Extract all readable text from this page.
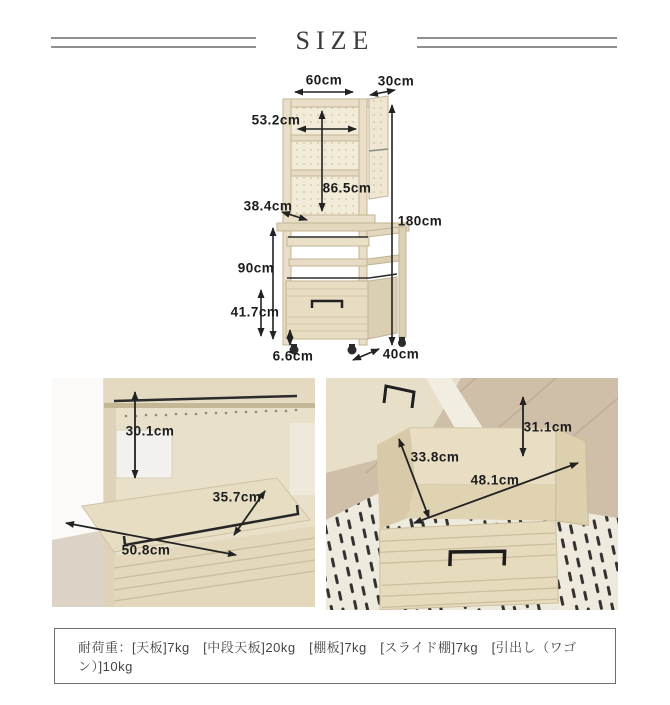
SIZE
60cm	30cm
53.2cm
86.5cm
38.4cm
180cm
90cm
41.7cm
6.6cm	40cm
30.1cm
35.7cm
50.8cm
31.1cm
33.8cm
48.1cm
耐荷重：[天板]7kg　[中段天板]20kg　[棚板]7kg　[スライド棚]7kg　[引出し（ワゴン）]10kg
